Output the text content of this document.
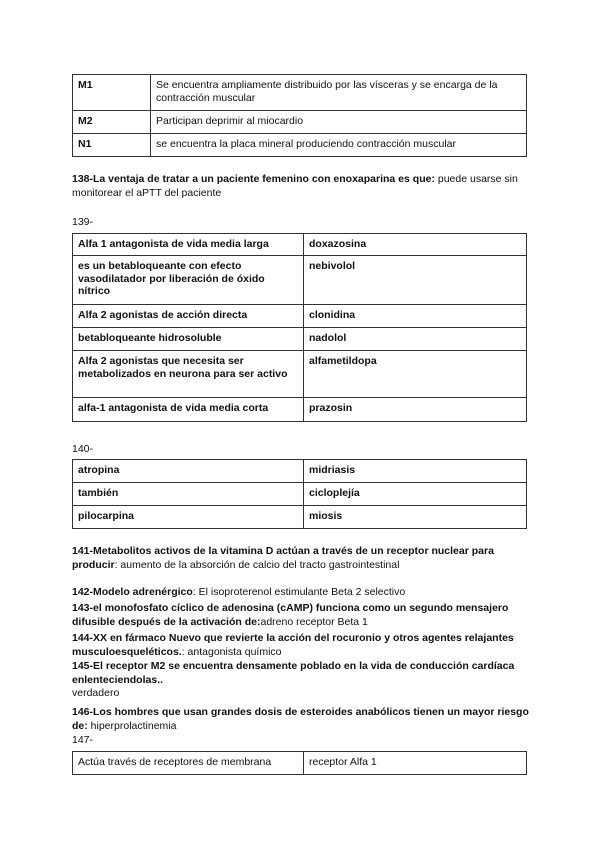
M1	Se encuentra ampliamente distribuido por las vísceras y se encarga de la contracción muscular
M2	Participan deprimir al miocardio
N1	se encuentra la placa mineral produciendo contracción muscular

138-La ventaja de tratar a un paciente femenino con enoxaparina es que: puede usarse sin monitorear el aPTT del paciente

139-

Alfa 1 antagonista de vida media larga	doxazosina
es un betabloqueante con efecto vasodilatador por liberación de óxido nítrico	nebivolol
Alfa 2 agonistas de acción directa	clonidina
betabloqueante hidrosoluble	nadolol
Alfa 2 agonistas que necesita ser metabolizados en neurona para ser activo	alfametildopa
alfa-1 antagonista de vida media corta	prazosin

140-

atropina	midriasis
también	cicloplejía
pilocarpina	miosis

141-Metabolitos activos de la vitamina D actúan a través de un receptor nuclear para producir: aumento de la absorción de calcio del tracto gastrointestinal

142-Modelo adrenérgico: El isoproterenol estimulante Beta 2 selectivo

143-el monofosfato cíclico de adenosina (cAMP) funciona como un segundo mensajero difusible después de la activación de:adreno receptor Beta 1

144-XX en fármaco Nuevo que revierte la acción del rocuronio y otros agentes relajantes musculoesqueléticos.: antagonista químico

145-El receptor M2 se encuentra densamente poblado en la vida de conducción cardíaca enlenteciendolas..
verdadero

146-Los hombres que usan grandes dosis de esteroides anabólicos tienen un mayor riesgo de: hiperprolactinemia

147-

Actúa través de receptores de membrana	receptor Alfa 1
